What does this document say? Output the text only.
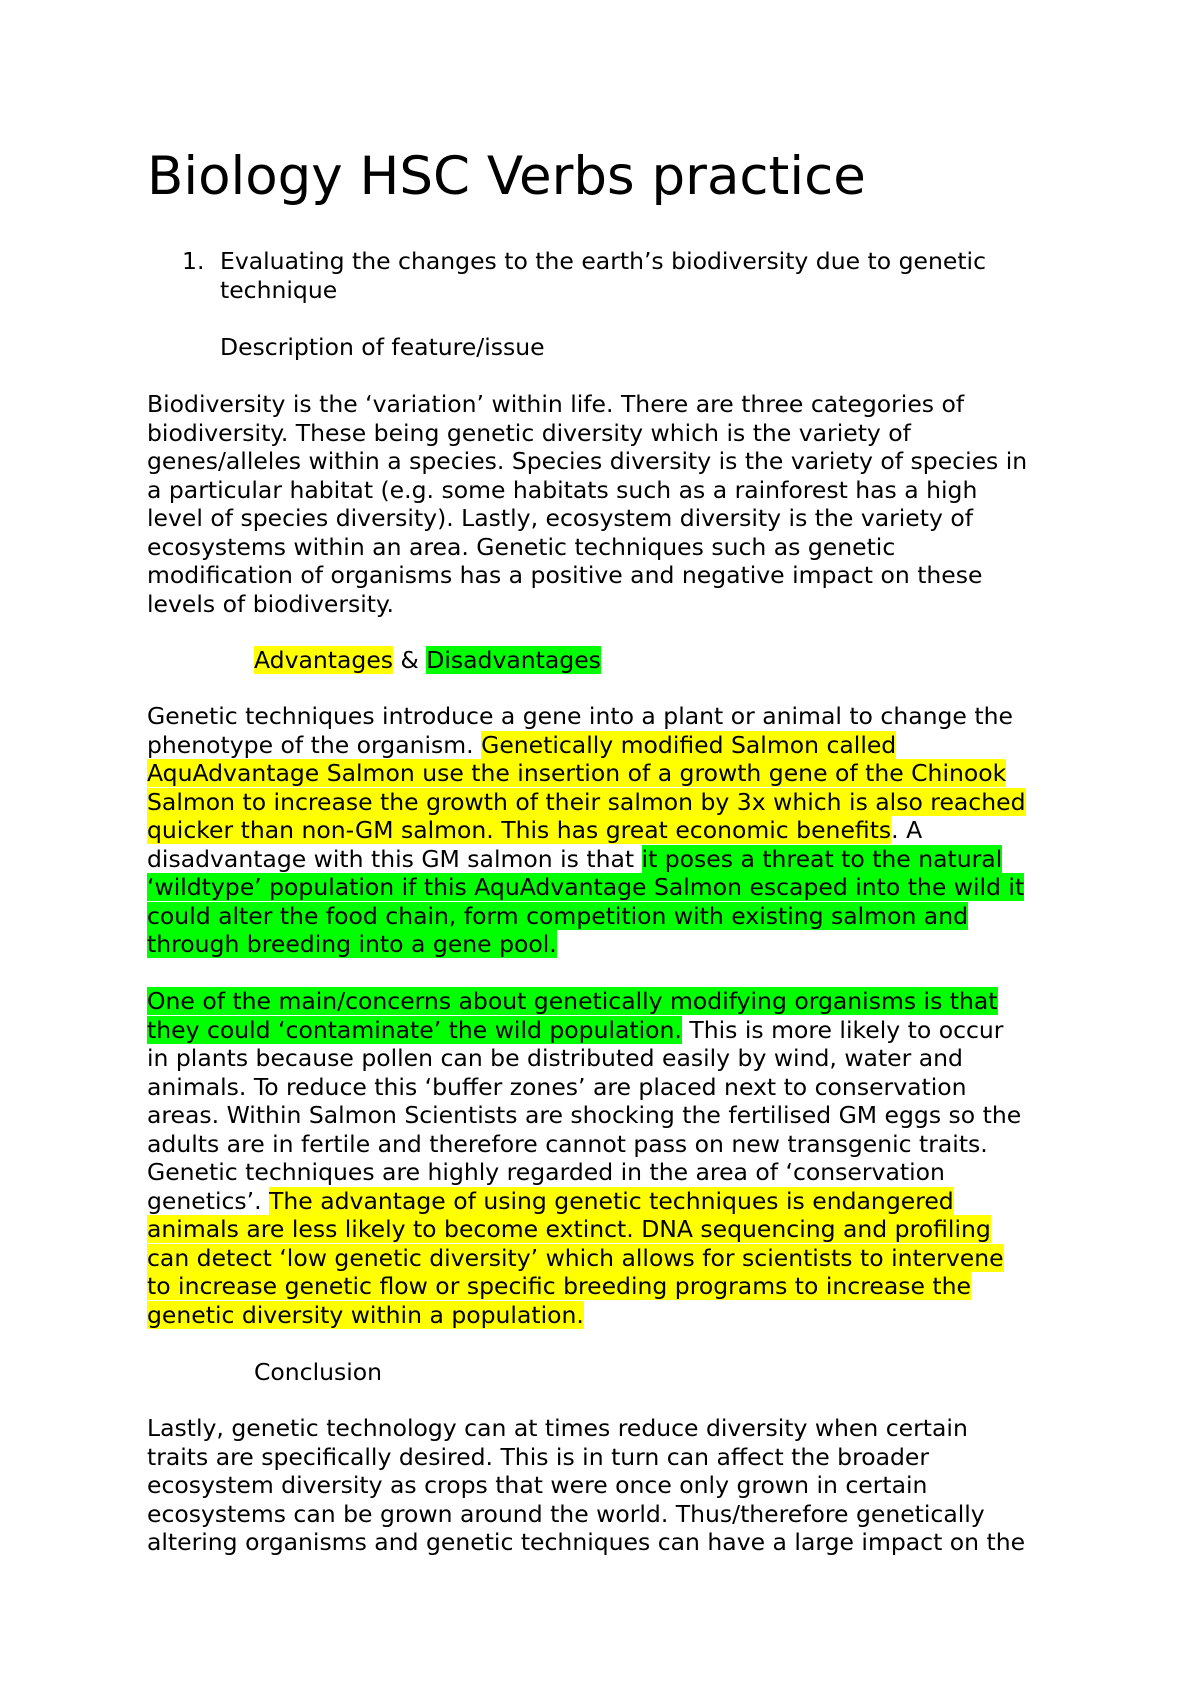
Biology HSC Verbs practice
1. Evaluating the changes to the earth’s biodiversity due to genetic
technique
Description of feature/issue
Biodiversity is the ‘variation’ within life. There are three categories of
biodiversity. These being genetic diversity which is the variety of
genes/alleles within a species. Species diversity is the variety of species in
a particular habitat (e.g. some habitats such as a rainforest has a high
level of species diversity). Lastly, ecosystem diversity is the variety of
ecosystems within an area. Genetic techniques such as genetic
modification of organisms has a positive and negative impact on these
levels of biodiversity.
Advantages & Disadvantages
Genetic techniques introduce a gene into a plant or animal to change the
phenotype of the organism. Genetically modified Salmon called
AquAdvantage Salmon use the insertion of a growth gene of the Chinook
Salmon to increase the growth of their salmon by 3x which is also reached
quicker than non-GM salmon. This has great economic benefits. A
disadvantage with this GM salmon is that it poses a threat to the natural
‘wildtype’ population if this AquAdvantage Salmon escaped into the wild it
could alter the food chain, form competition with existing salmon and
through breeding into a gene pool.
One of the main/concerns about genetically modifying organisms is that
they could ‘contaminate’ the wild population. This is more likely to occur
in plants because pollen can be distributed easily by wind, water and
animals. To reduce this ‘buffer zones’ are placed next to conservation
areas. Within Salmon Scientists are shocking the fertilised GM eggs so the
adults are in fertile and therefore cannot pass on new transgenic traits.
Genetic techniques are highly regarded in the area of ‘conservation
genetics’. The advantage of using genetic techniques is endangered
animals are less likely to become extinct. DNA sequencing and profiling
can detect ‘low genetic diversity’ which allows for scientists to intervene
to increase genetic flow or specific breeding programs to increase the
genetic diversity within a population.
Conclusion
Lastly, genetic technology can at times reduce diversity when certain
traits are specifically desired. This is in turn can affect the broader
ecosystem diversity as crops that were once only grown in certain
ecosystems can be grown around the world. Thus/therefore genetically
altering organisms and genetic techniques can have a large impact on the
